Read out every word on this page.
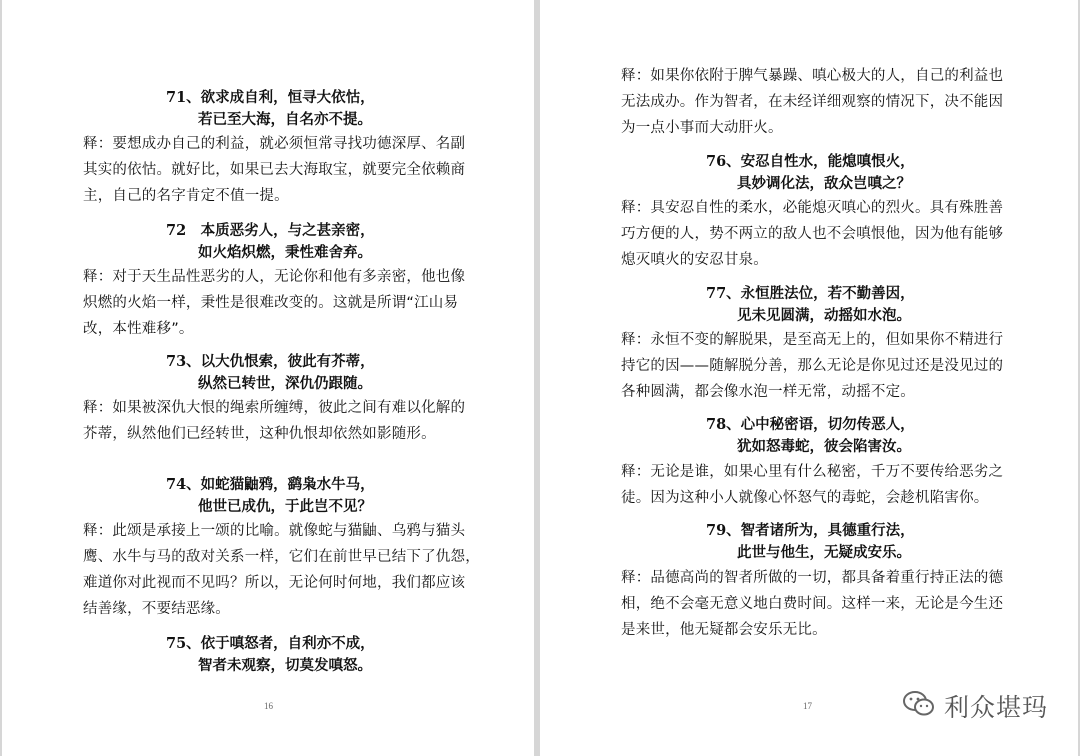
71、欲求成自利，恒寻大依怙，
若已至大海，自名亦不提。
释：要想成办自己的利益，就必须恒常寻找功德深厚、名副
其实的依怙。就好比，如果已去大海取宝，就要完全依赖商
主，自己的名字肯定不值一提。
72　本质恶劣人，与之甚亲密，
如火焰炽燃，秉性难舍弃。
释：对于天生品性恶劣的人，无论你和他有多亲密，他也像
炽燃的火焰一样，秉性是很难改变的。这就是所谓“江山易
改，本性难移”。
73、以大仇恨索，彼此有芥蒂，
纵然已转世，深仇仍跟随。
释：如果被深仇大恨的绳索所缠缚，彼此之间有难以化解的
芥蒂，纵然他们已经转世，这种仇恨却依然如影随形。
74、如蛇猫鼬鸦，鹞枭水牛马，
他世已成仇，于此岂不见？
释：此颂是承接上一颂的比喻。就像蛇与猫鼬、乌鸦与猫头
鹰、水牛与马的敌对关系一样，它们在前世早已结下了仇怨，
难道你对此视而不见吗？所以，无论何时何地，我们都应该
结善缘，不要结恶缘。
75、依于嗔怒者，自利亦不成，
智者未观察，切莫发嗔怒。
16
释：如果你依附于脾气暴躁、嗔心极大的人，自己的利益也
无法成办。作为智者，在未经详细观察的情况下，决不能因
为一点小事而大动肝火。
76、安忍自性水，能熄嗔恨火，
具妙调化法，敌众岂嗔之？
释：具安忍自性的柔水，必能熄灭嗔心的烈火。具有殊胜善
巧方便的人，势不两立的敌人也不会嗔恨他，因为他有能够
熄灭嗔火的安忍甘泉。
77、永恒胜法位，若不勤善因，
见未见圆满，动摇如水泡。
释：永恒不变的解脱果，是至高无上的，但如果你不精进行
持它的因——随解脱分善，那么无论是你见过还是没见过的
各种圆满，都会像水泡一样无常，动摇不定。
78、心中秘密语，切勿传恶人，
犹如怒毒蛇，彼会陷害汝。
释：无论是谁，如果心里有什么秘密，千万不要传给恶劣之
徒。因为这种小人就像心怀怒气的毒蛇，会趁机陷害你。
79、智者诸所为，具德重行法，
此世与他生，无疑成安乐。
释：品德高尚的智者所做的一切，都具备着重行持正法的德
相，绝不会毫无意义地白费时间。这样一来，无论是今生还
是来世，他无疑都会安乐无比。
17	利众堪玛
